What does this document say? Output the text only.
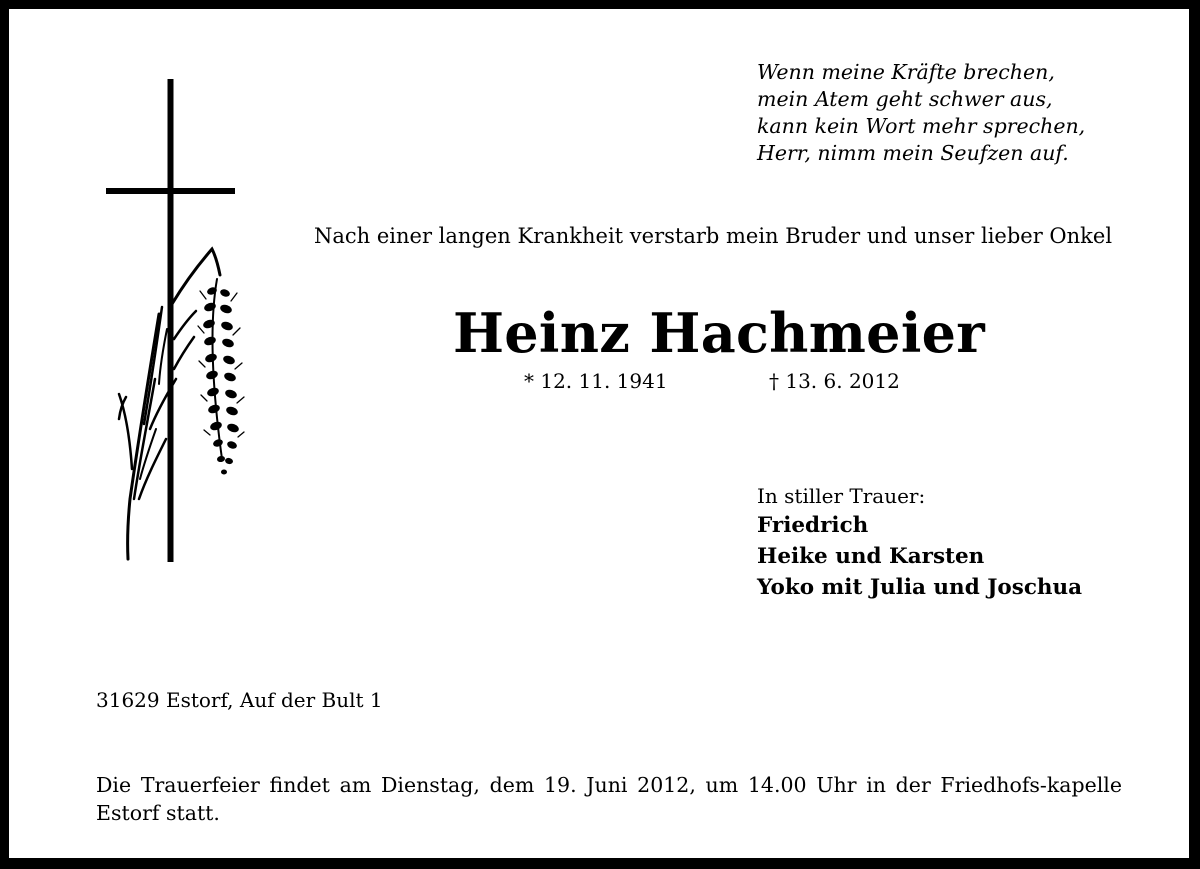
Wenn meine Kräfte brechen,
mein Atem geht schwer aus,
kann kein Wort mehr sprechen,
Herr, nimm mein Seufzen auf.
Nach einer langen Krankheit verstarb mein Bruder und unser lieber Onkel
Heinz Hachmeier
* 12. 11. 1941	† 13. 6. 2012
In stiller Trauer:
Friedrich
Heike und Karsten
Yoko mit Julia und Joschua
31629 Estorf, Auf der Bult 1
Die Trauerfeier findet am Dienstag, dem 19. Juni 2012, um 14.00 Uhr in der Friedhofs-kapelle Estorf statt.
